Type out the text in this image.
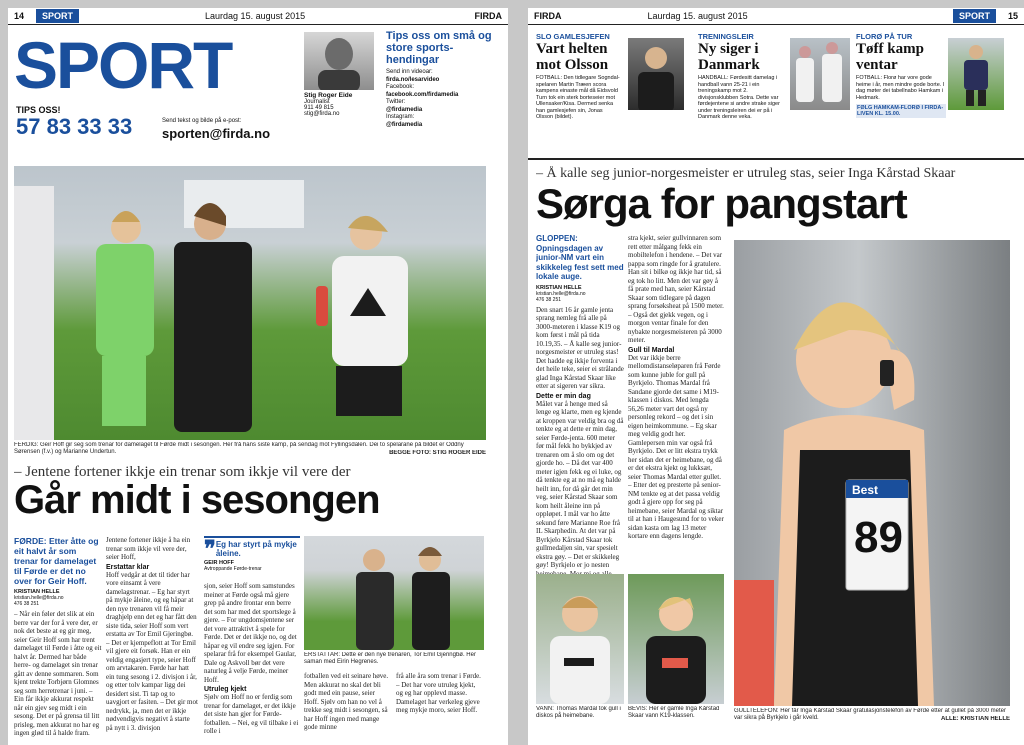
14	SPORT	Laurdag 15. august 2015	FIRDA
SPORT
TIPS OSS!
57 83 33 33	Send tekst og bilde på e-post:
sporten@firda.no
Stig Roger Eide
Journalist
911 49 815
stig@firda.no
Tips oss om små og store sports-hendingar
Send inn videoar:
firda.no/lesarvideo
Facebook:
facebook.com/firdamedia
Twitter:
@firdamedia
Instagram:
@firdamedia
FERDIG: Geir Hoff gir seg som trenar for damelaget til Førde midt i sesongen. Her frå hans siste kamp, på sendag mot Fyllingsdalen. Dei to spelarane på bildet er Oddny Sørensen (f.v.) og Marianne Undertun.	BEGGE FOTO: STIG ROGER EIDE
– Jentene fortener ikkje ein trenar som ikkje vil vere der
Går midt i sesongen
FØRDE: Etter åtte og eit halvt år som trenar for damelaget til Førde er det no over for Geir Hoff.
KRISTIAN HELLE
kristian.helle@firda.no
476 38 251
– Når ein føler det slik at ein berre var der for å vere der, er nok det beste at eg gir meg, seier Geir Hoff som har trent damelaget til Førde i åtte og eit halvt år. Dermed har både herre- og damelaget sin trenar gått av denne sommaren. Som kjent trekte Torbjørn Glomnes seg som herretrenar i juni. – Ein får ikkje akkurat respekt når ein gjev seg midt i ein sesong. Det er på grensa til litt prisleg, men akkurat no har eg ingen glød til å halde fram.
Jentene fortener ikkje å ha ein trenar som ikkje vil vere der, seier Hoff,
Erstattar klar
Hoff vedgår at det til tider har vore einsamt å vere damelagstrenar. – Eg har styrt på mykje åleine, og eg håpar at den nye trenaren vil få meir draghjelp enn det eg har fått den siste tida, seier Hoff som vert erstatta av Tor Emil Gjeringbø. – Det er kjempeflott at Tor Emil vil gjere eit forsøk. Han er ein veldig engasjert type, seier Hoff om arvtakaren. Førde har hatt ein tung sesong i 2. divisjon i år, og etter tolv kampar ligg dei desidert sist. Ti tap og to uavgjort er fasiten. – Det gir mot nedrykk, ja, men det er ikkje nødvendigvis negativt å starte på nytt i 3. divisjon
❞ Eg har styrt på mykje åleine.
GEIR HOFF
Avtroppande Førde-trenar
sjon, seier Hoff som samstundes meiner at Førde også må gjere grep på andre frontar enn berre det som har med det sportslege å gjere. – For ungdomsjentene ser det vore attraktivt å spele for Førde. Det er det ikkje no, og det håpar eg vil endre seg igjen. For spelarar frå for eksempel Gaular, Dale og Askvoll bør det vere naturleg å velje Førde, meiner Hoff.
Utruleg kjekt
Sjølv om Hoff no er ferdig som trenar for damelaget, er det ikkje det siste han gjer for Førde-fotballen. – Nei, eg vil tilbake i ei rolle i
ERSTATTAR: Dette er den nye trenaren, Tor Emil Gjeringbø. Her saman med Eirin Hegrenes.
fotballen ved eit seinare høve. Men akkurat no skal det bli godt med ein pause, seier Hoff. Sjølv om han no vel å trekke seg midt i sesongen, så har Hoff ingen med mange gode minne
frå alle åra som trenar i Førde. – Det har vore utruleg kjekt, og eg har opplevd masse. Damelaget har verkeleg gjeve meg mykje moro, seier Hoff.
FIRDA	Laurdag 15. august 2015	SPORT	15
SLO GAMLESJEFEN
Vart helten mot Olsson
FOTBALL: Den tidlegare Sogndal-spelaren Martin Træen scora kampens einaste mål då Eidsvold Turn tok ein sterk borteseier mot Ullensaker/Kisa. Dermed senka han gamlesjefen sin, Jonas Olsson (bildet).
TRENINGSLEIR
Ny siger i Danmark
HANDBALL: Førdesitt damelag i handball vann 25-21 i ein treningskamp mot 2. divisjonsklubben Sotra. Dette var førdejentene si andre strake siger under treningsleiren dei er på i Danmark denne veka.
FLORØ PÅ TUR
Tøff kamp ventar
FOTBALL: Florø har vore gode heime i år, men mindre gode borte. I dag møter dei tabellnabo Hamkam i Hedmark.
FØLG HAMKAM-FLORØ I FIRDA-LIVEN KL. 15.00.
– Å kalle seg junior-norgesmeister er utruleg stas, seier Inga Kårstad Skaar
Sørga for pangstart
GLOPPEN: Opningsdagen av junior-NM vart ein skikkeleg fest sett med lokale auge.
KRISTIAN HELLE
kristian.helle@firda.no
476 38 251
Den snart 16 år gamle jenta sprang nemleg frå alle på 3000-meteren i klasse K19 og kom først i mål på tida 10.19,35. – Å kalle seg junior-norgesmeister er utruleg stas! Det hadde eg ikkje forventa i det heile teke, seier ei strålande glad Inga Kårstad Skaar like etter at sigeren var sikra.
Dette er min dag
Målet var å henge med så lenge eg klarte, men eg kjende at kroppen var veldig bra og då tenkte eg at dette er min dag, seier Førde-jenta. 600 meter før mål fekk ho bykkjed av trenaren om å slo om og det gjorde ho. – Då det var 400 meter igjen fekk eg ei luke, og då tenkte eg at no må eg halde heilt inn, for då går det min veg, seier Kårstad Skaar som kom heilt åleine inn på oppløpet. I mål var ho åtte sekund føre Marianne Roe frå IL Skarphedin. At det var på Byrkjelo Kårstad Skaar tok gullmedaljen sin, var spesielt ekstra gøy. – Det er skikkeleg gøy! Byrkjelo er jo nesten
stra kjekt, seier gullvinnaren som rett etter målgang fekk ein mobiltelefon i hendene. – Det var pappa som ringde for å gratulere. Han sit i bilkø og ikkje har tid, så eg tok ho litt. Men det var gøy å få prate med han, seier Kårstad Skaar som tidlegare på dagen sprang forsøksheat på 1500 meter. – Også det gjekk vegen, og i morgon ventar finale for den nybakte norgesmeisteren på 3000 meter.
Gull til Mardal
Det var ikkje berre mellomdistanseløparen frå Førde som kunne juble for gull på Byrkjelo. Thomas Mardal frå Sandane gjorde det same i M19-klassen i diskos. Med lengda 56,26 meter vart det også ny personleg rekord – og det i sin eigen heimkommune. – Eg skar meg veldig godt her. Gamlepersen min var også frå Byrkjelo. Det er litt ekstra trykk her sidan det er heimebane, og då er det ekstra kjekt og lukksæt, seier Thomas Mardal etter gullet. – Etter det eg presterte på senior-NM tenkte eg at det passa veldig godt å gjere opp for seg på heimebane, seier Mardal og siktar til at han i Haugesund for to veker sidan kasta om lag 13 meter kortare enn dagens lengde.
Best
89
GULLTELEFON: Her får Inga Kårstad Skaar gratulasjonstelefon av Førde etter at gullet på 3000 meter var sikra på Byrkjelo i går kveld.	ALLE: KRISTIAN HELLE
VANN: Thomas Mardal tok gull i diskos på heimebane.
BEVIS: Her er gamle Inga Kårstad Skaar vann K19-klassen.
